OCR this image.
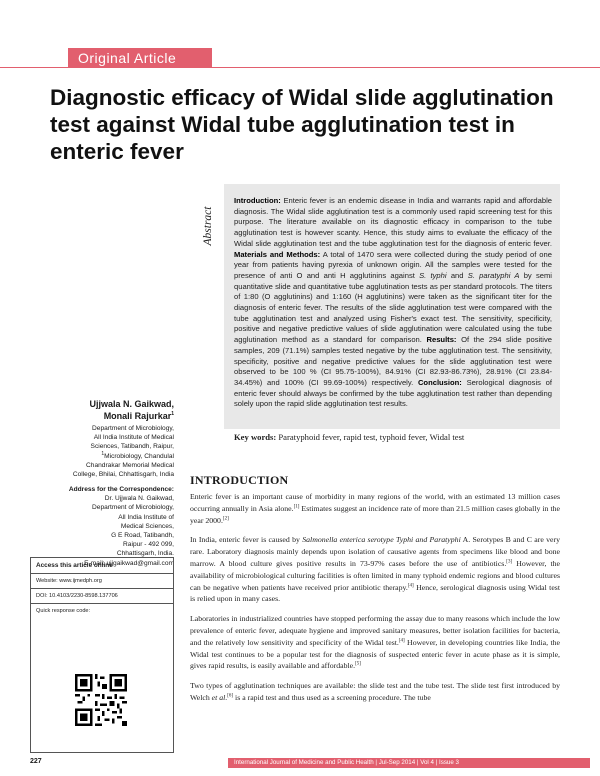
Original Article
Diagnostic efficacy of Widal slide agglutination test against Widal tube agglutination test in enteric fever
Abstract
Introduction: Enteric fever is an endemic disease in India and warrants rapid and affordable diagnosis. The Widal slide agglutination test is a commonly used rapid screening test for this purpose. The literature available on its diagnostic efficacy in comparison to the tube agglutination test is however scanty. Hence, this study aims to evaluate the efficacy of the Widal slide agglutination test and the tube agglutination test for the diagnosis of enteric fever. Materials and Methods: A total of 1470 sera were collected during the study period of one year from patients having pyrexia of unknown origin. All the samples were tested for the presence of anti O and anti H agglutinins against S. typhi and S. paratyphi A by semi quantitative slide and quantitative tube agglutination tests as per standard protocols. The titers of 1:80 (O agglutinins) and 1:160 (H agglutinins) were taken as the significant titer for the diagnosis of enteric fever. The results of the slide agglutination test were compared with the tube agglutination test and analyzed using Fisher's exact test. The sensitivity, specificity, positive and negative predictive values of slide agglutination were calculated using the tube agglutination method as a standard for comparison. Results: Of the 294 slide positive samples, 209 (71.1%) samples tested negative by the tube agglutination test. The sensitivity, specificity, positive and negative predictive values for the slide agglutination test were observed to be 100 % (CI 95.75-100%), 84.91% (CI 82.93-86.73%), 28.91% (CI 23.84-34.45%) and 100% (CI 99.69-100%) respectively. Conclusion: Serological diagnosis of enteric fever should always be confirmed by the tube agglutination test rather than depending solely upon the rapid slide agglutination test results.
Key words: Paratyphoid fever, rapid test, typhoid fever, Widal test
Ujjwala N. Gaikwad,
Monali Rajurkar$^1$
Department of Microbiology,
All India Institute of Medical
Sciences, Tatibandh, Raipur,
$^1$Microbiology, Chandulal
Chandrakar Memorial Medical
College, Bhilai, Chhattisgarh, India
Address for the Correspondence:
Dr. Ujjwala N. Gaikwad,
Department of Microbiology,
All India Institute of
Medical Sciences,
G E Road, Tatibandh,
Raipur - 492 099,
Chhattisgarh, India.
E-mail: ujjgaikwad@gmail.com
Access this article online
Website: www.ijmedph.org
DOI: 10.4103/2230-8598.137706
Quick response code:
INTRODUCTION

Enteric fever is an important cause of morbidity in many regions of the world, with an estimated 13 million cases occurring annually in Asia alone.[1] Estimates suggest an incidence rate of more than 21.5 million cases globally in the year 2000.[2]

In India, enteric fever is caused by Salmonella enterica serotype Typhi and Paratyphi A. Serotypes B and C are very rare. Laboratory diagnosis mainly depends upon isolation of causative agents from specimens like blood and bone marrow. A blood culture gives positive results in 73-97% cases before the use of antibiotics.[3] However, the availability of microbiological culturing facilities is often limited in many typhoid endemic regions and blood cultures can be negative when patients have received prior antibiotic therapy.[4] Hence, serological diagnosis using Widal test is relied upon in many cases.

Laboratories in industrialized countries have stopped performing the assay due to many reasons which include the low prevalence of enteric fever, adequate hygiene and improved sanitary measures, better isolation facilities for bacteria, and the relatively low sensitivity and specificity of the Widal test.[4] However, in developing countries like India, the Widal test continues to be a popular test for the diagnosis of suspected enteric fever in acute phase as it is simple, gives rapid results, is easily available and affordable.[5]

Two types of agglutination techniques are available: the slide test and the tube test. The slide test first introduced by Welch et al.[6] is a rapid test and thus used as a screening procedure. The tube

227	International Journal of Medicine and Public Health | Jul-Sep 2014 | Vol 4 | Issue 3
